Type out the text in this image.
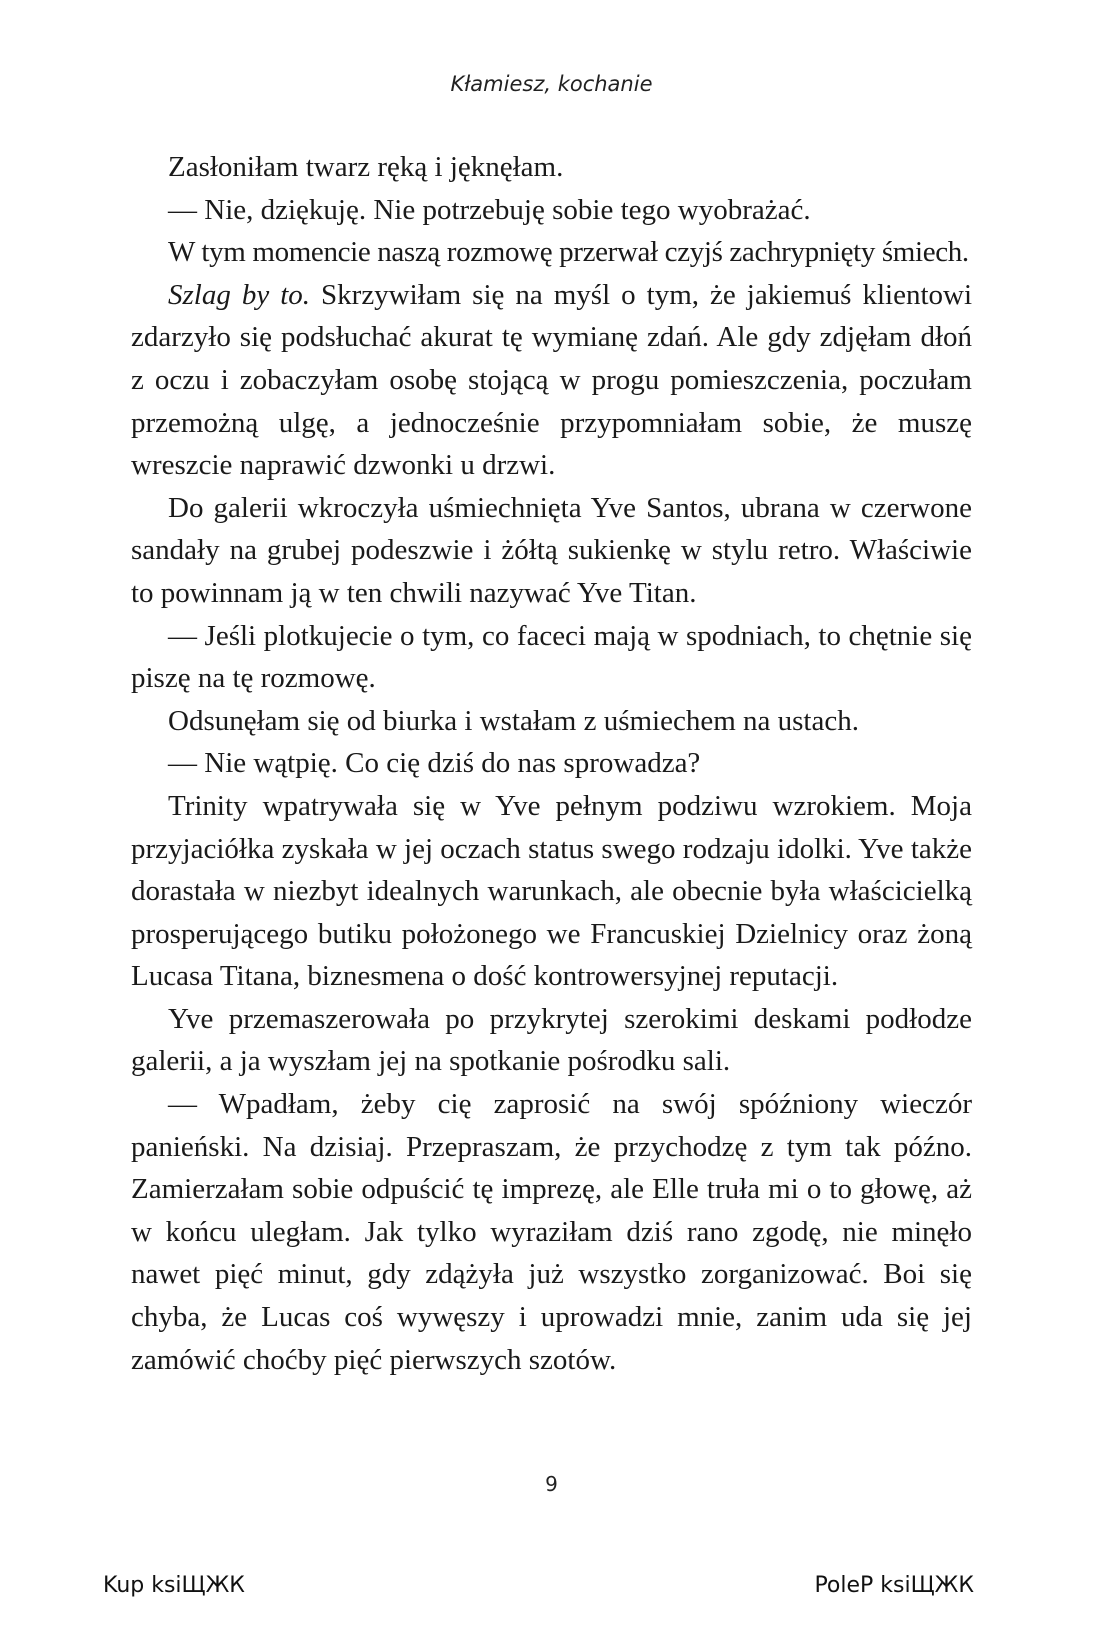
Kłamiesz, kochanie

Zasłoniłam twarz ręką i jęknęłam.

— Nie, dziękuję. Nie potrzebuję sobie tego wyobrażać.

W tym momencie naszą rozmowę przerwał czyjś zachrypnięty śmiech.

Szlag by to. Skrzywiłam się na myśl o tym, że jakiemuś klientowi zdarzyło się podsłuchać akurat tę wymianę zdań. Ale gdy zdjęłam dłoń z oczu i zobaczyłam osobę stojącą w progu pomieszczenia, poczułam przemożną ulgę, a jednocześnie przypomniałam sobie, że muszę wreszcie naprawić dzwonki u drzwi.

Do galerii wkroczyła uśmiechnięta Yve Santos, ubrana w czerwone sandały na grubej podeszwie i żółtą sukienkę w stylu retro. Właściwie to powinnam ją w ten chwili nazywać Yve Titan.

— Jeśli plotkujecie o tym, co faceci mają w spodniach, to chętnie się piszę na tę rozmowę.

Odsunęłam się od biurka i wstałam z uśmiechem na ustach.

— Nie wątpię. Co cię dziś do nas sprowadza?

Trinity wpatrywała się w Yve pełnym podziwu wzrokiem. Moja przyjaciółka zyskała w jej oczach status swego rodzaju idolki. Yve także dorastała w niezbyt idealnych warunkach, ale obecnie była właścicielką prosperującego butiku położonego we Francuskiej Dzielnicy oraz żoną Lucasa Titana, biznesmena o dość kontrowersyjnej reputacji.

Yve przemaszerowała po przykrytej szerokimi deskami podłodze galerii, a ja wyszłam jej na spotkanie pośrodku sali.

— Wpadłam, żeby cię zaprosić na swój spóźniony wieczór panieński. Na dzisiaj. Przepraszam, że przychodzę z tym tak późno. Zamierzałam sobie odpuścić tę imprezę, ale Elle truła mi o to głowę, aż w końcu uległam. Jak tylko wyraziłam dziś rano zgodę, nie minęło nawet pięć minut, gdy zdążyła już wszystko zorganizować. Boi się chyba, że Lucas coś wywęszy i uprowadzi mnie, zanim uda się jej zamówić choćby pięć pierwszych szotów.

9
Kup ksiЩЖК	PoleP ksiЩЖК
